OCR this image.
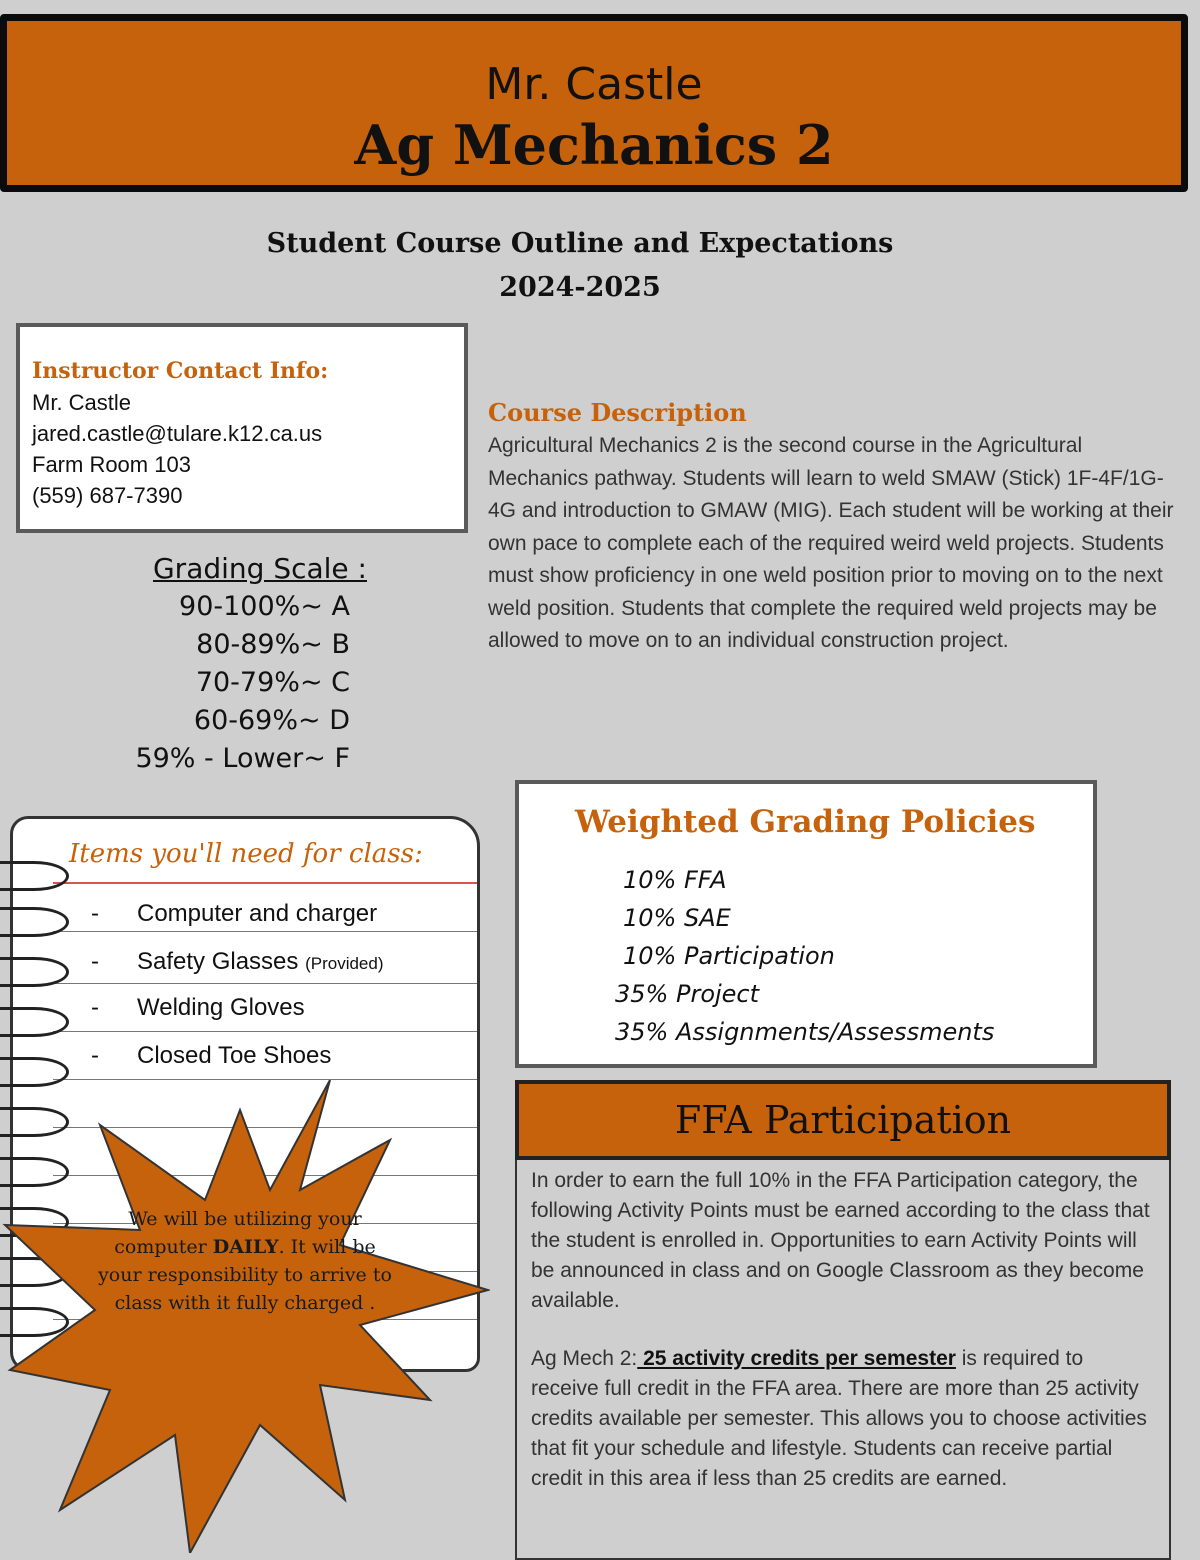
Mr. Castle
Ag Mechanics 2
Student Course Outline and Expectations
2024-2025
Instructor Contact Info:
Mr. Castle
jared.castle@tulare.k12.ca.us
Farm Room 103
(559) 687-7390
Grading Scale :
90-100%~ A
80-89%~ B
70-79%~ C
60-69%~ D
59% - Lower~ F
Course Description
Agricultural Mechanics 2 is the second course in the Agricultural Mechanics pathway. Students will learn to weld SMAW (Stick) 1F-4F/1G-4G and introduction to GMAW (MIG). Each student will be working at their own pace to complete each of the required weird weld projects. Students must show proficiency in one weld position prior to moving on to the next weld position. Students that complete the required weld projects may be allowed to move on to an individual construction project.
Items you'll need for class:
- Computer and charger
- Safety Glasses (Provided)
- Welding Gloves
- Closed Toe Shoes
We will be utilizing your computer DAILY. It will be your responsibility to arrive to class with it fully charged .
Weighted Grading Policies
10% FFA
10% SAE
10% Participation
35% Project
35% Assignments/Assessments
FFA Participation
In order to earn the full 10% in the FFA Participation category, the following Activity Points must be earned according to the class that the student is enrolled in. Opportunities to earn Activity Points will be announced in class and on Google Classroom as they become available.
Ag Mech 2: 25 activity credits per semester is required to receive full credit in the FFA area. There are more than 25 activity credits available per semester. This allows you to choose activities that fit your schedule and lifestyle. Students can receive partial credit in this area if less than 25 credits are earned.
